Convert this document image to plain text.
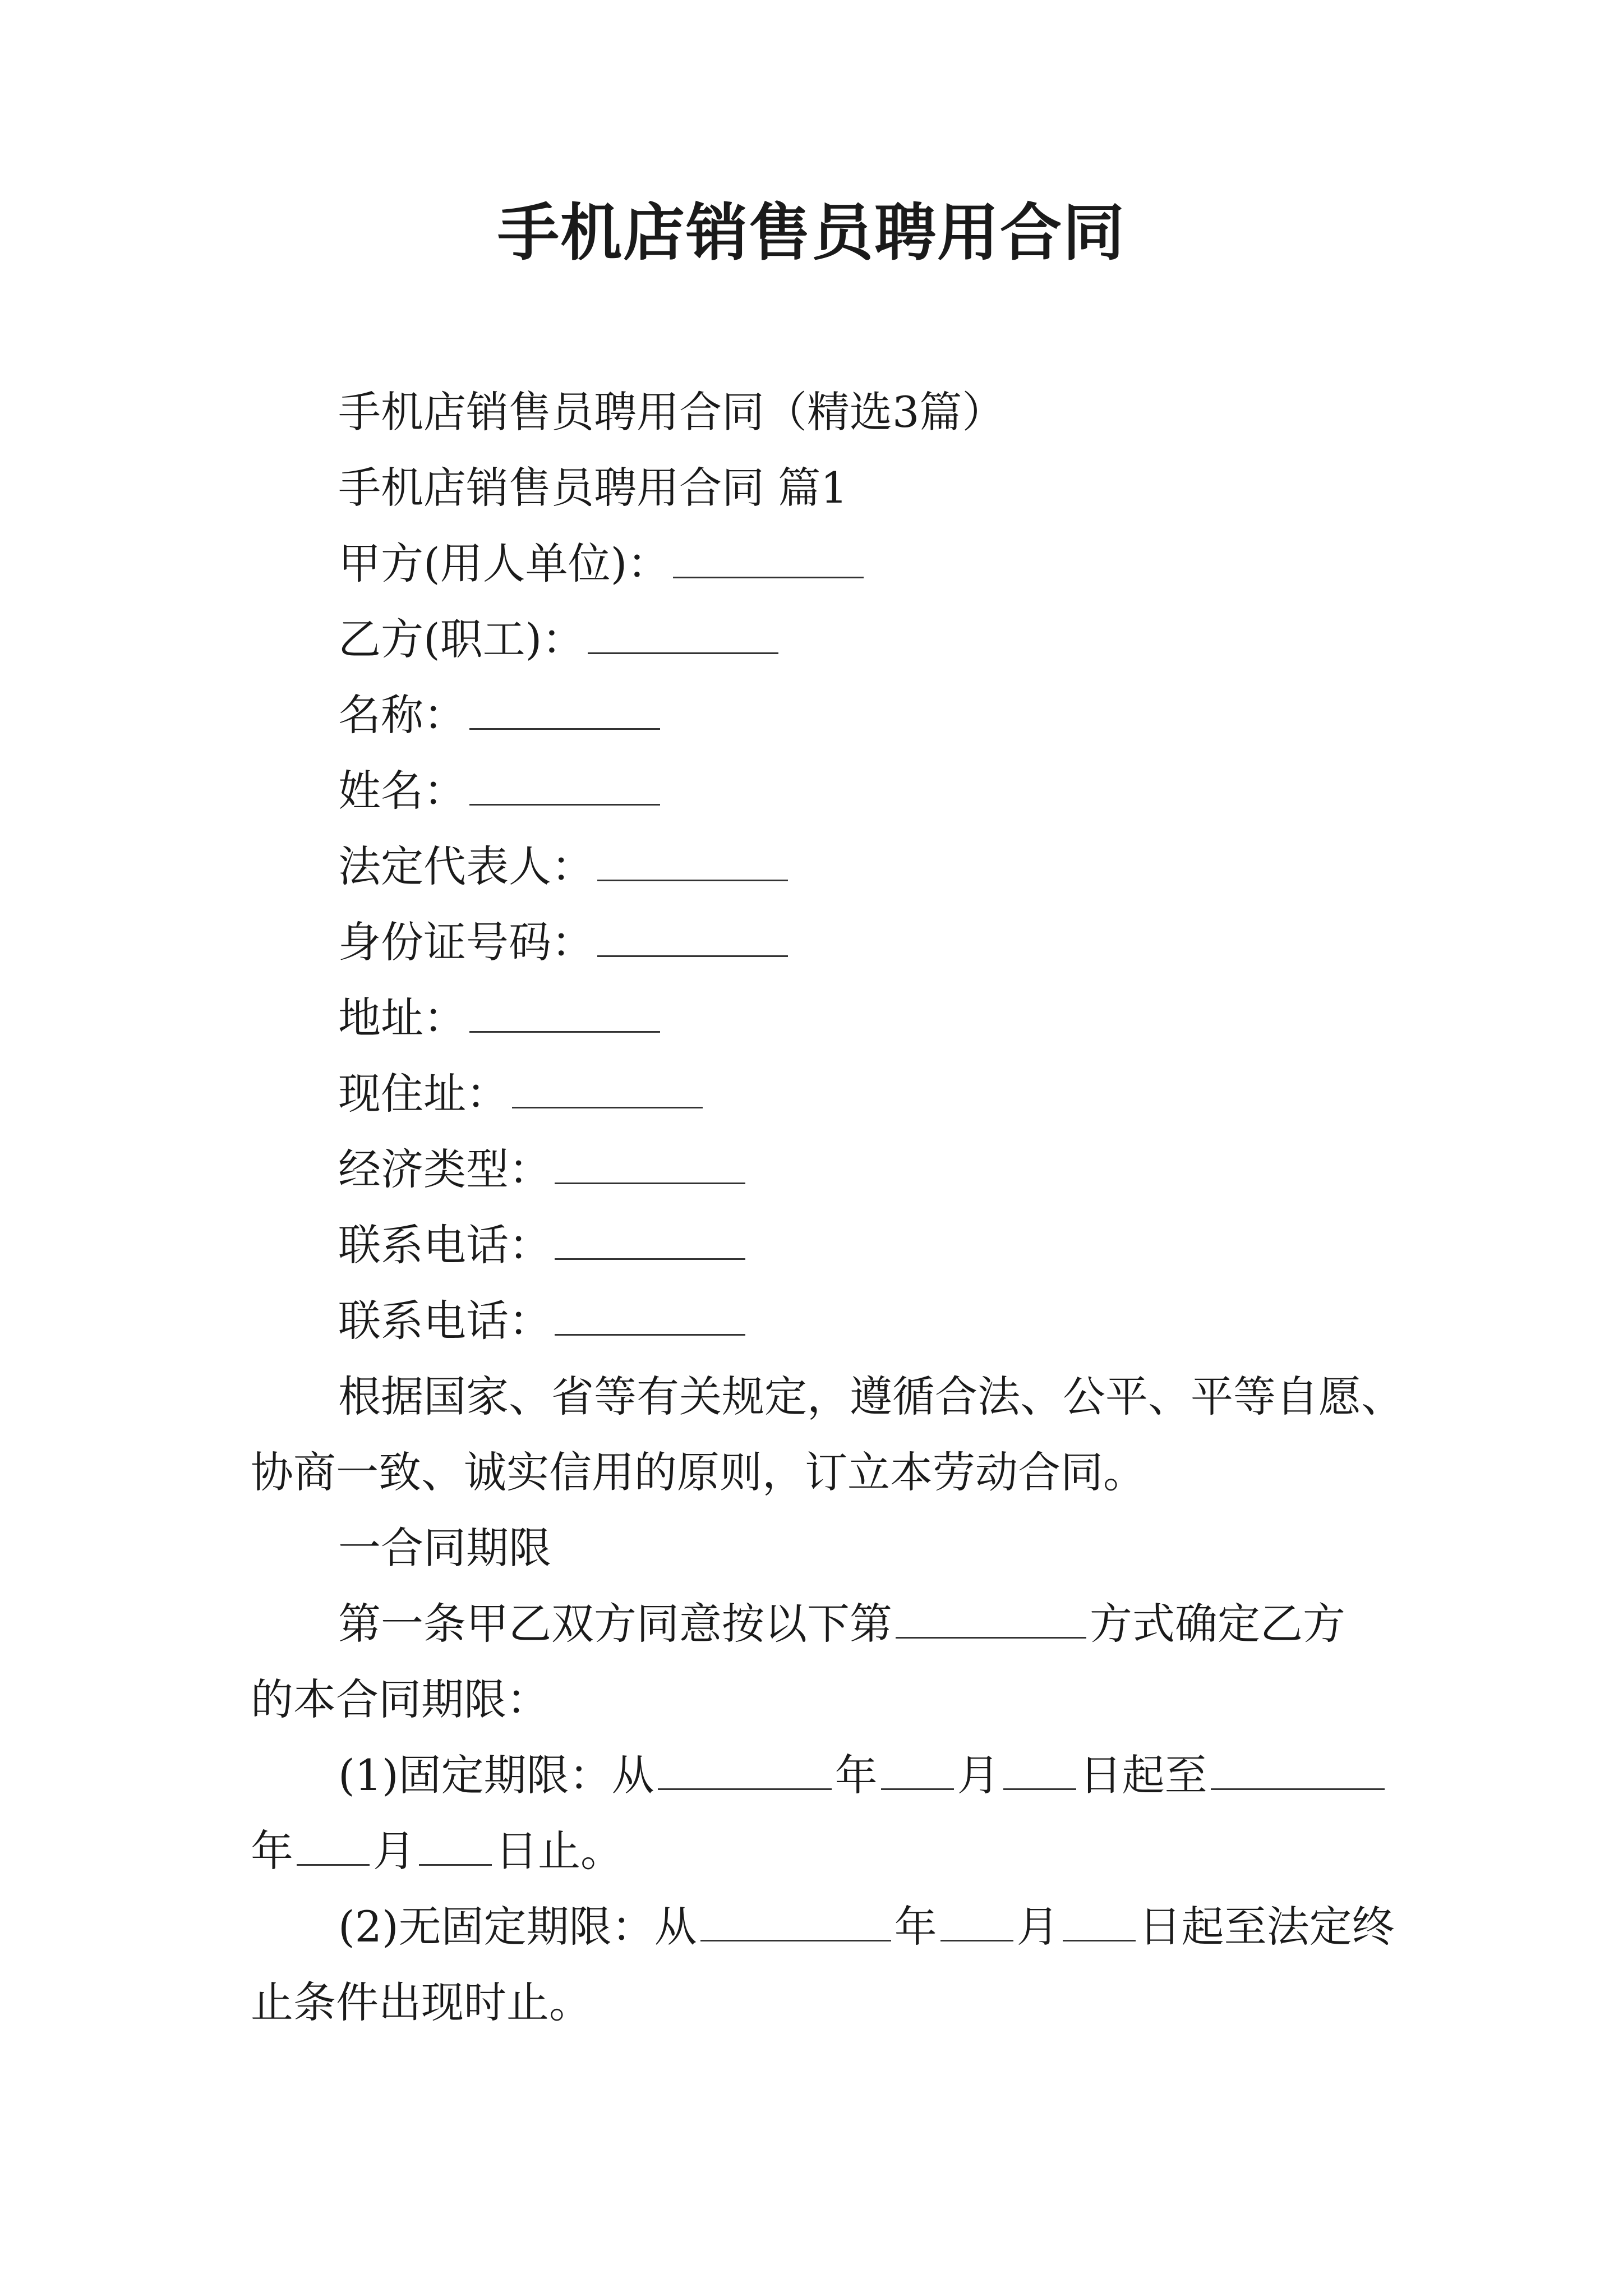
手机店销售员聘用合同
手机店销售员聘用合同（精选3篇）
手机店销售员聘用合同 篇1
甲方(用人单位)：
乙方(职工)：
名称：
姓名：
法定代表人：
身份证号码：
地址：
现住址：
经济类型：
联系电话：
联系电话：
根据国家、省等有关规定，遵循合法、公平、平等自愿、
协商一致、诚实信用的原则，订立本劳动合同。
一合同期限
第一条甲乙双方同意按以下第	方式确定乙方
的本合同期限：
(1)固定期限：从	年 月 日起至
年 月 日止。
(2)无固定期限：从	年 月 日起至法定终
止条件出现时止。
